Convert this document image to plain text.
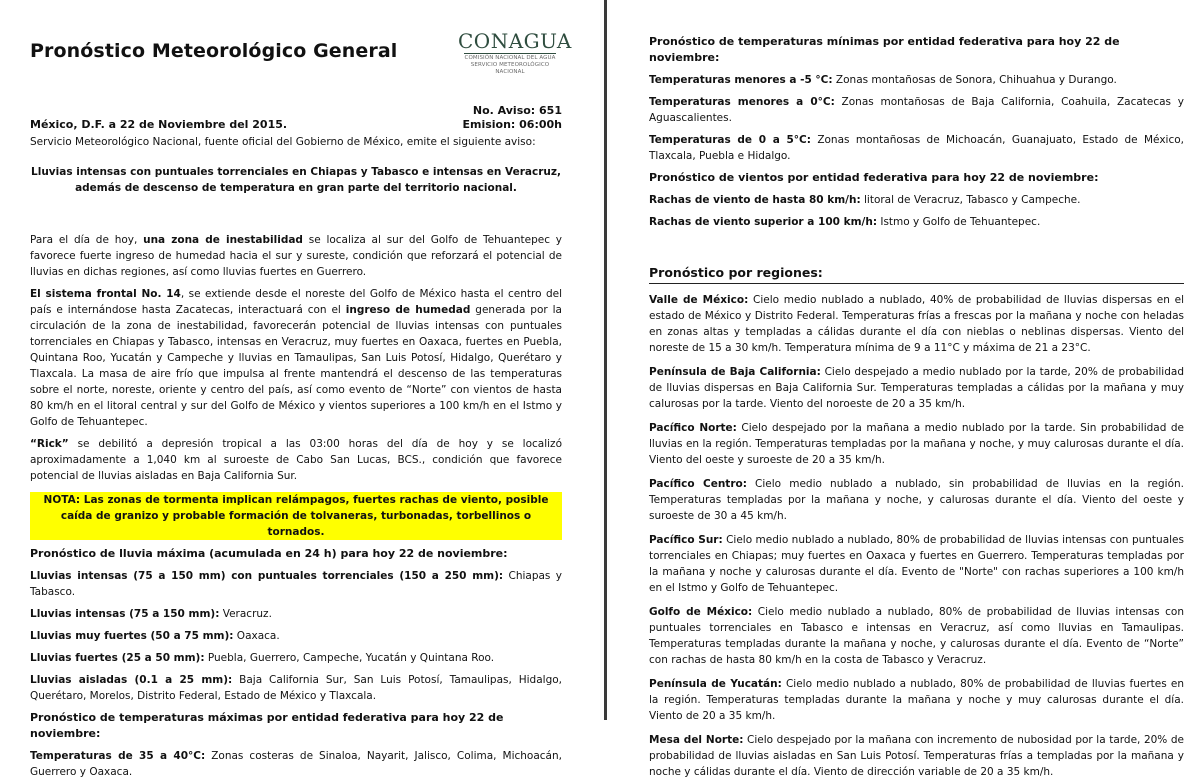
CONAGUA
COMISIÓN NACIONAL DEL AGUA
SERVICIO METEOROLÓGICO NACIONAL
Pronóstico Meteorológico General
No. Aviso: 651
México, D.F. a 22 de Noviembre del 2015.	Emision: 06:00h

Servicio Meteorológico Nacional, fuente oficial del Gobierno de México, emite el siguiente aviso:

Lluvias intensas con puntuales torrenciales en Chiapas y Tabasco e intensas en Veracruz,

además de descenso de temperatura en gran parte del territorio nacional.

Para el día de hoy, una zona de inestabilidad se localiza al sur del Golfo de Tehuantepec y favorece fuerte ingreso de humedad hacia el sur y sureste, condición que reforzará el potencial de lluvias en dichas regiones, así como lluvias fuertes en Guerrero.

El sistema frontal No. 14, se extiende desde el noreste del Golfo de México hasta el centro del país e internándose hasta Zacatecas, interactuará con el ingreso de humedad generada por la circulación de la zona de inestabilidad, favorecerán potencial de lluvias intensas con puntuales torrenciales en Chiapas y Tabasco, intensas en Veracruz, muy fuertes en Oaxaca, fuertes en Puebla, Quintana Roo, Yucatán y Campeche y lluvias en Tamaulipas, San Luis Potosí, Hidalgo, Querétaro y Tlaxcala. La masa de aire frío que impulsa al frente mantendrá el descenso de las temperaturas sobre el norte, noreste, oriente y centro del país, así como evento de “Norte” con vientos de hasta 80 km/h en el litoral central y sur del Golfo de México y vientos superiores a 100 km/h en el Istmo y Golfo de Tehuantepec.

“Rick” se debilitó a depresión tropical a las 03:00 horas del día de hoy y se localizó aproximadamente a 1,040 km al suroeste de Cabo San Lucas, BCS., condición que favorece potencial de lluvias aisladas en Baja California Sur.

NOTA: Las zonas de tormenta implican relámpagos, fuertes rachas de viento, posible caída de granizo y probable formación de tolvaneras, turbonadas, torbellinos o tornados.

Pronóstico de lluvia máxima (acumulada en 24 h) para hoy 22 de noviembre:

Lluvias intensas (75 a 150 mm) con puntuales torrenciales (150 a 250 mm): Chiapas y Tabasco.

Lluvias intensas (75 a 150 mm): Veracruz.

Lluvias muy fuertes (50 a 75 mm): Oaxaca.

Lluvias fuertes (25 a 50 mm): Puebla, Guerrero, Campeche, Yucatán y Quintana Roo.

Lluvias aisladas (0.1 a 25 mm): Baja California Sur, San Luis Potosí, Tamaulipas, Hidalgo, Querétaro, Morelos, Distrito Federal, Estado de México y Tlaxcala.

Pronóstico de temperaturas máximas por entidad federativa para hoy 22 de noviembre:

Temperaturas de 35 a 40°C: Zonas costeras de Sinaloa, Nayarit, Jalisco, Colima, Michoacán, Guerrero y Oaxaca.

Pronóstico de temperaturas mínimas por entidad federativa para hoy 22 de noviembre:

Temperaturas menores a -5 °C: Zonas montañosas de Sonora, Chihuahua y Durango.

Temperaturas menores a 0°C: Zonas montañosas de Baja California, Coahuila, Zacatecas y Aguascalientes.

Temperaturas de 0 a 5°C: Zonas montañosas de Michoacán, Guanajuato, Estado de México, Tlaxcala, Puebla e Hidalgo.

Pronóstico de vientos por entidad federativa para hoy 22 de noviembre:

Rachas de viento de hasta 80 km/h: litoral de Veracruz, Tabasco y Campeche.

Rachas de viento superior a 100 km/h: Istmo y Golfo de Tehuantepec.

Pronóstico por regiones:

Valle de México: Cielo medio nublado a nublado, 40% de probabilidad de lluvias dispersas en el estado de México y Distrito Federal. Temperaturas frías a frescas por la mañana y noche con heladas en zonas altas y templadas a cálidas durante el día con nieblas o neblinas dispersas. Viento del noreste de 15 a 30 km/h. Temperatura mínima de 9 a 11°C y máxima de 21 a 23°C.

Península de Baja California: Cielo despejado a medio nublado por la tarde, 20% de probabilidad de lluvias dispersas en Baja California Sur. Temperaturas templadas a cálidas por la mañana y muy calurosas por la tarde. Viento del noroeste de 20 a 35 km/h.

Pacífico Norte: Cielo despejado por la mañana a medio nublado por la tarde. Sin probabilidad de lluvias en la región. Temperaturas templadas por la mañana y noche, y muy calurosas durante el día. Viento del oeste y suroeste de 20 a 35 km/h.

Pacífico Centro: Cielo medio nublado a nublado, sin probabilidad de lluvias en la región. Temperaturas templadas por la mañana y noche, y calurosas durante el día. Viento del oeste y suroeste de 30 a 45 km/h.

Pacífico Sur: Cielo medio nublado a nublado, 80% de probabilidad de lluvias intensas con puntuales torrenciales en Chiapas; muy fuertes en Oaxaca y fuertes en Guerrero. Temperaturas templadas por la mañana y noche y calurosas durante el día. Evento de "Norte" con rachas superiores a 100 km/h en el Istmo y Golfo de Tehuantepec.

Golfo de México: Cielo medio nublado a nublado, 80% de probabilidad de lluvias intensas con puntuales torrenciales en Tabasco e intensas en Veracruz, así como lluvias en Tamaulipas. Temperaturas templadas durante la mañana y noche, y calurosas durante el día. Evento de “Norte” con rachas de hasta 80 km/h en la costa de Tabasco y Veracruz.

Península de Yucatán: Cielo medio nublado a nublado, 80% de probabilidad de lluvias fuertes en la región. Temperaturas templadas durante la mañana y noche y muy calurosas durante el día. Viento de 20 a 35 km/h.

Mesa del Norte: Cielo despejado por la mañana con incremento de nubosidad por la tarde, 20% de probabilidad de lluvias aisladas en San Luis Potosí. Temperaturas frías a templadas por la mañana y noche y cálidas durante el día. Viento de dirección variable de 20 a 35 km/h.
